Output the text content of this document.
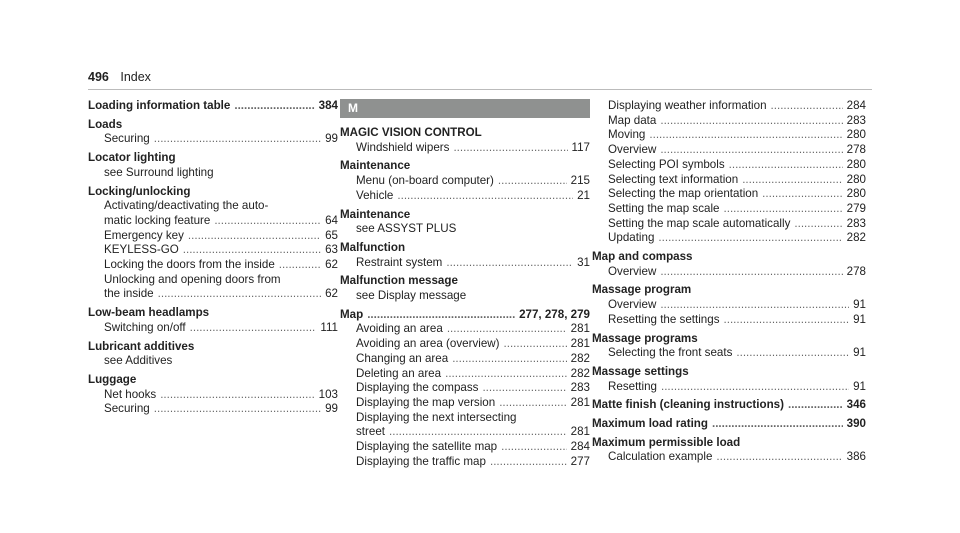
496 Index
Loading information table .....	384
Loads
Securing .....	99
Locator lighting
see Surround lighting
Locking/unlocking
Activating/deactivating the auto-
matic locking feature .....	64
Emergency key .....	65
KEYLESS-GO .....	63
Locking the doors from the inside .....	62
Unlocking and opening doors from
the inside .....	62
Low-beam headlamps
Switching on/off .....	111
Lubricant additives
see Additives
Luggage
Net hooks .....	103
Securing .....	99
M
MAGIC VISION CONTROL
Windshield wipers .....	117
Maintenance
Menu (on-board computer) .....	215
Vehicle .....	21
Maintenance
see ASSYST PLUS
Malfunction
Restraint system .....	31
Malfunction message
see Display message
Map .....	277, 278, 279
Avoiding an area .....	281
Avoiding an area (overview) .....	281
Changing an area .....	282
Deleting an area .....	282
Displaying the compass .....	283
Displaying the map version .....	281
Displaying the next intersecting
street .....	281
Displaying the satellite map .....	284
Displaying the traffic map .....	277
Displaying weather information .....	284
Map data .....	283
Moving .....	280
Overview .....	278
Selecting POI symbols .....	280
Selecting text information .....	280
Selecting the map orientation .....	280
Setting the map scale .....	279
Setting the map scale automatically .....	283
Updating .....	282
Map and compass
Overview .....	278
Massage program
Overview .....	91
Resetting the settings .....	91
Massage programs
Selecting the front seats .....	91
Massage settings
Resetting .....	91
Matte finish (cleaning instructions) .....	346
Maximum load rating .....	390
Maximum permissible load
Calculation example .....	386
